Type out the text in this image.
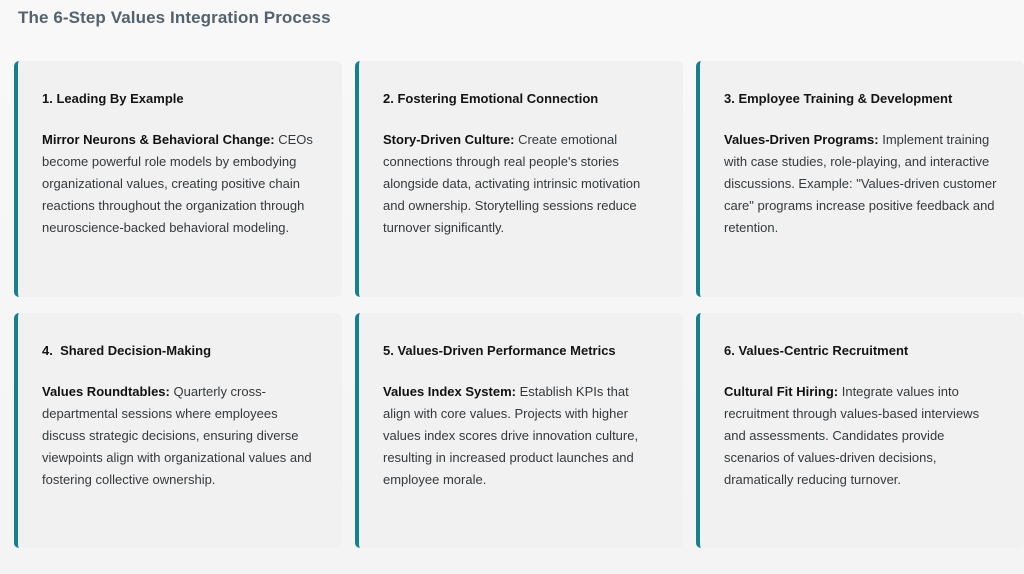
The 6-Step Values Integration Process
1. Leading By Example

Mirror Neurons & Behavioral Change: CEOs become powerful role models by embodying organizational values, creating positive chain reactions throughout the organization through neuroscience-backed behavioral modeling.

2. Fostering Emotional Connection

Story-Driven Culture: Create emotional connections through real people's stories alongside data, activating intrinsic motivation and ownership. Storytelling sessions reduce turnover significantly.

3. Employee Training & Development

Values-Driven Programs: Implement training with case studies, role-playing, and interactive discussions. Example: "Values-driven customer care" programs increase positive feedback and retention.

4.  Shared Decision-Making

Values Roundtables: Quarterly cross-departmental sessions where employees discuss strategic decisions, ensuring diverse viewpoints align with organizational values and fostering collective ownership.

5. Values-Driven Performance Metrics

Values Index System: Establish KPIs that align with core values. Projects with higher values index scores drive innovation culture, resulting in increased product launches and employee morale.

6. Values-Centric Recruitment

Cultural Fit Hiring: Integrate values into recruitment through values-based interviews and assessments. Candidates provide scenarios of values-driven decisions, dramatically reducing turnover.
